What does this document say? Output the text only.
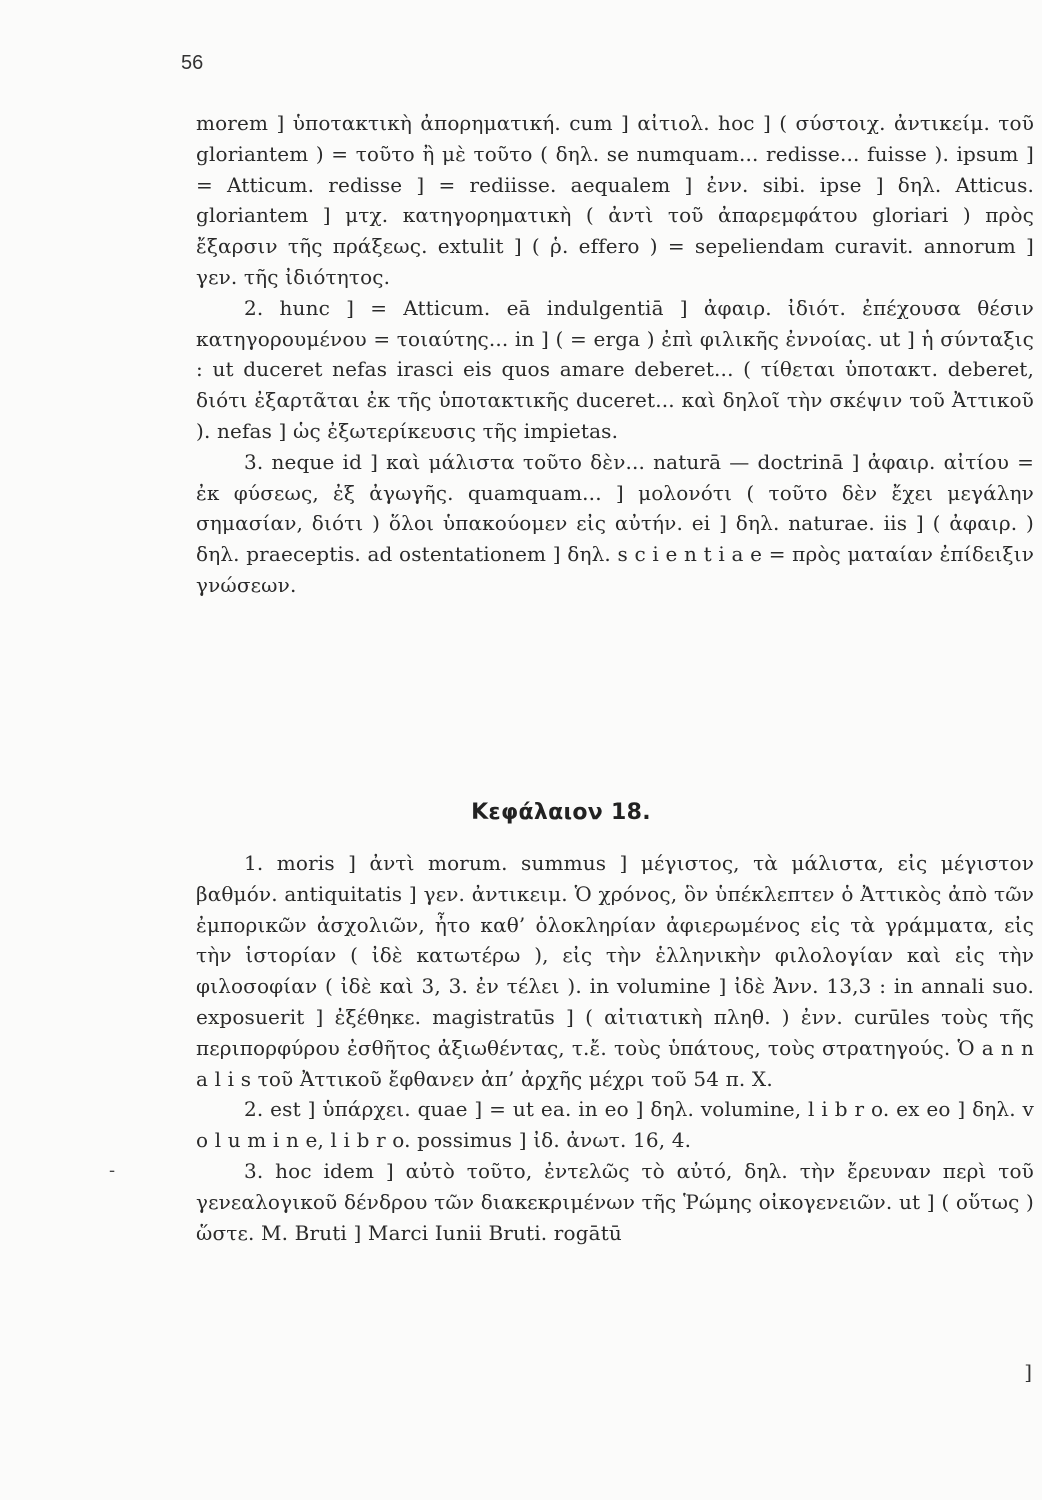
56

morem ] ὑποτακτικὴ ἀπορηματική. cum ] αἰτιολ. hoc ] ( σύστοιχ. ἀντικείμ. τοῦ gloriantem ) = τοῦτο ἢ μὲ τοῦτο ( δηλ. se numquam... redisse... fuisse ). ipsum ] = Atticum. redisse ] = rediisse. aequalem ] ἐνν. sibi. ipse ] δηλ. Atticus. gloriantem ] μτχ. κατηγορηματικὴ ( ἀντὶ τοῦ ἀπαρεμφάτου gloriari ) πρὸς ἔξαρσιν τῆς πράξεως. extulit ] ( ῥ. effero ) = sepeliendam curavit. annorum ] γεν. τῆς ἰδιότητος.

2. hunc ] = Atticum. eā indulgentiā ] ἀφαιρ. ἰδιότ. ἐπέχουσα θέσιν κατηγορουμένου = τοιαύτης... in ] ( = erga ) ἐπὶ φιλικῆς ἐννοίας. ut ] ἡ σύνταξις : ut duceret nefas irasci eis quos amare deberet... ( τίθεται ὑποτακτ. deberet, διότι ἐξαρτᾶται ἐκ τῆς ὑποτακτικῆς duceret... καὶ δηλοῖ τὴν σκέψιν τοῦ Ἀττικοῦ ). nefas ] ὡς ἐξωτερίκευσις τῆς impietas.

3. neque id ] καὶ μάλιστα τοῦτο δὲν... naturā — doctrinā ] ἀφαιρ. αἰτίου = ἐκ φύσεως, ἐξ ἀγωγῆς. quamquam... ] μολονότι ( τοῦτο δὲν ἔχει μεγάλην σημασίαν, διότι ) ὅλοι ὑπακούομεν εἰς αὐτήν. ei ] δηλ. naturae. iis ] ( ἀφαιρ. ) δηλ. praeceptis. ad ostentationem ] δηλ. s c i e n t i a e = πρὸς ματαίαν ἐπίδειξιν γνώσεων.

Κεφάλαιον 18.

1. moris ] ἀντὶ morum. summus ] μέγιστος, τὰ μάλιστα, εἰς μέγιστον βαθμόν. antiquitatis ] γεν. ἀντικειμ. Ὁ χρόνος, ὃν ὑπέκλεπτεν ὁ Ἀττικὸς ἀπὸ τῶν ἐμπορικῶν ἀσχολιῶν, ἦτο καθ’ ὁλοκληρίαν ἀφιερωμένος εἰς τὰ γράμματα, εἰς τὴν ἱστορίαν ( ἰδὲ κατωτέρω ), εἰς τὴν ἑλληνικὴν φιλολογίαν καὶ εἰς τὴν φιλοσοφίαν ( ἰδὲ καὶ 3, 3. ἐν τέλει ). in volumine ] ἰδὲ Ἀνν. 13,3 : in annali suo. exposuerit ] ἐξέθηκε. magistratūs ] ( αἰτιατικὴ πληθ. ) ἐνν. curūles τοὺς τῆς περιπορφύρου ἐσθῆτος ἀξιωθέντας, τ.ἔ. τοὺς ὑπάτους, τοὺς στρατηγούς. Ὁ a n n a l i s τοῦ Ἀττικοῦ ἔφθανεν ἀπ’ ἀρχῆς μέχρι τοῦ 54 π. Χ.

2. est ] ὑπάρχει. quae ] = ut ea. in eo ] δηλ. volumine, l i b r o. ex eo ] δηλ. v o l u m i n e, l i b r o. possimus ] ἰδ. ἀνωτ. 16, 4.

3. hoc idem ] αὐτὸ τοῦτο, ἐντελῶς τὸ αὐτό, δηλ. τὴν ἔρευναν περὶ τοῦ γενεαλογικοῦ δένδρου τῶν διακεκριμένων τῆς Ῥώμης οἰκογενειῶν. ut ] ( οὕτως ) ὥστε. M. Bruti ] Marci Iunii Bruti. rogātū

-
]
